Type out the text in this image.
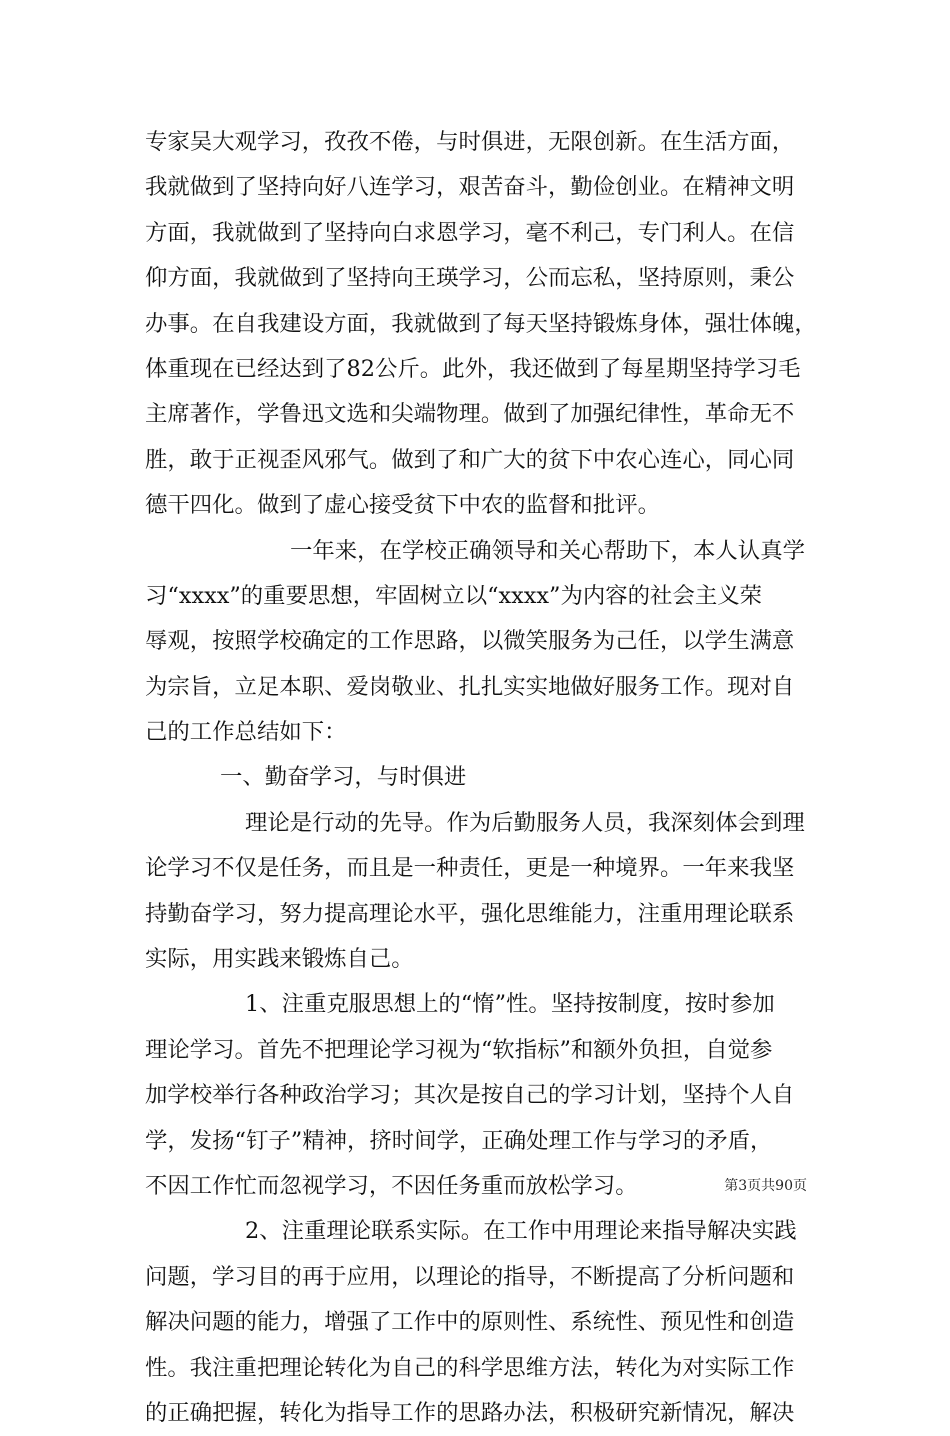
专家吴大观学习，孜孜不倦，与时俱进，无限创新。在生活方面，
我就做到了坚持向好八连学习，艰苦奋斗，勤俭创业。在精神文明
方面，我就做到了坚持向白求恩学习，毫不利己，专门利人。在信
仰方面，我就做到了坚持向王瑛学习，公而忘私，坚持原则，秉公
办事。在自我建设方面，我就做到了每天坚持锻炼身体，强壮体魄，
体重现在已经达到了82公斤。此外，我还做到了每星期坚持学习毛
主席著作，学鲁迅文选和尖端物理。做到了加强纪律性，革命无不
胜，敢于正视歪风邪气。做到了和广大的贫下中农心连心，同心同
德干四化。做到了虚心接受贫下中农的监督和批评。
一年来，在学校正确领导和关心帮助下，本人认真学
习“xxxx”的重要思想，牢固树立以“xxxx”为内容的社会主义荣
辱观，按照学校确定的工作思路，以微笑服务为己任，以学生满意
为宗旨，立足本职、爱岗敬业、扎扎实实地做好服务工作。现对自
己的工作总结如下：
一、勤奋学习，与时俱进
理论是行动的先导。作为后勤服务人员，我深刻体会到理
论学习不仅是任务，而且是一种责任，更是一种境界。一年来我坚
持勤奋学习，努力提高理论水平，强化思维能力，注重用理论联系
实际，用实践来锻炼自己。
1、注重克服思想上的“惰”性。坚持按制度，按时参加
理论学习。首先不把理论学习视为“软指标”和额外负担，自觉参
加学校举行各种政治学习；其次是按自己的学习计划，坚持个人自
学，发扬“钉子”精神，挤时间学，正确处理工作与学习的矛盾，
不因工作忙而忽视学习，不因任务重而放松学习。
2、注重理论联系实际。在工作中用理论来指导解决实践
问题，学习目的再于应用，以理论的指导，不断提高了分析问题和
解决问题的能力，增强了工作中的原则性、系统性、预见性和创造
性。我注重把理论转化为自己的科学思维方法，转化为对实际工作
的正确把握，转化为指导工作的思路办法，积极研究新情况，解决
第3页共90页
